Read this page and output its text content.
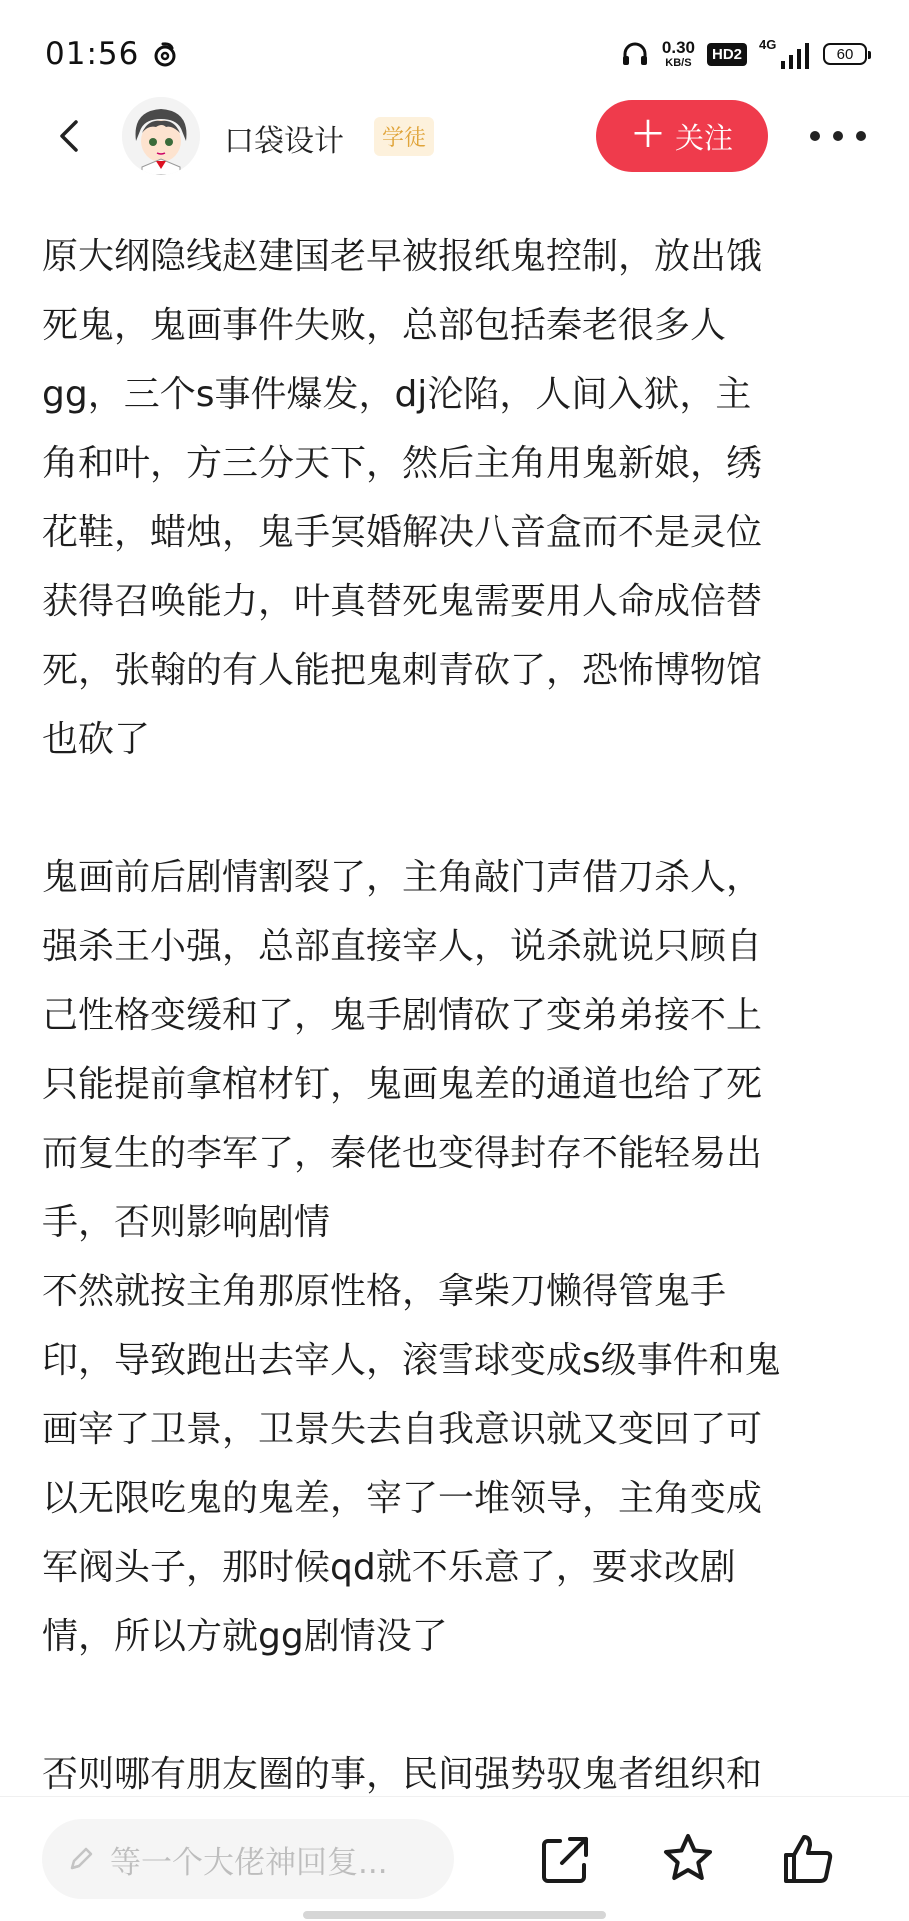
01:56	0.30
KB/S
HD2
4G
60
口袋设计	学徒	＋ 关注
原大纲隐线赵建国老早被报纸鬼控制，放出饿
死鬼，鬼画事件失败，总部包括秦老很多人
gg，三个s事件爆发，dj沦陷，人间入狱，主
角和叶，方三分天下，然后主角用鬼新娘，绣
花鞋，蜡烛，鬼手冥婚解决八音盒而不是灵位
获得召唤能力，叶真替死鬼需要用人命成倍替
死，张翰的有人能把鬼刺青砍了，恐怖博物馆
也砍了
鬼画前后剧情割裂了，主角敲门声借刀杀人，
强杀王小强，总部直接宰人，说杀就说只顾自
己性格变缓和了，鬼手剧情砍了变弟弟接不上
只能提前拿棺材钉，鬼画鬼差的通道也给了死
而复生的李军了，秦佬也变得封存不能轻易出
手，否则影响剧情
不然就按主角那原性格，拿柴刀懒得管鬼手
印，导致跑出去宰人，滚雪球变成s级事件和鬼
画宰了卫景，卫景失去自我意识就又变回了可
以无限吃鬼的鬼差，宰了一堆领导，主角变成
军阀头子，那时候qd就不乐意了，要求改剧
情，所以方就gg剧情没了
否则哪有朋友圈的事，民间强势驭鬼者组织和
等一个大佬神回复...
